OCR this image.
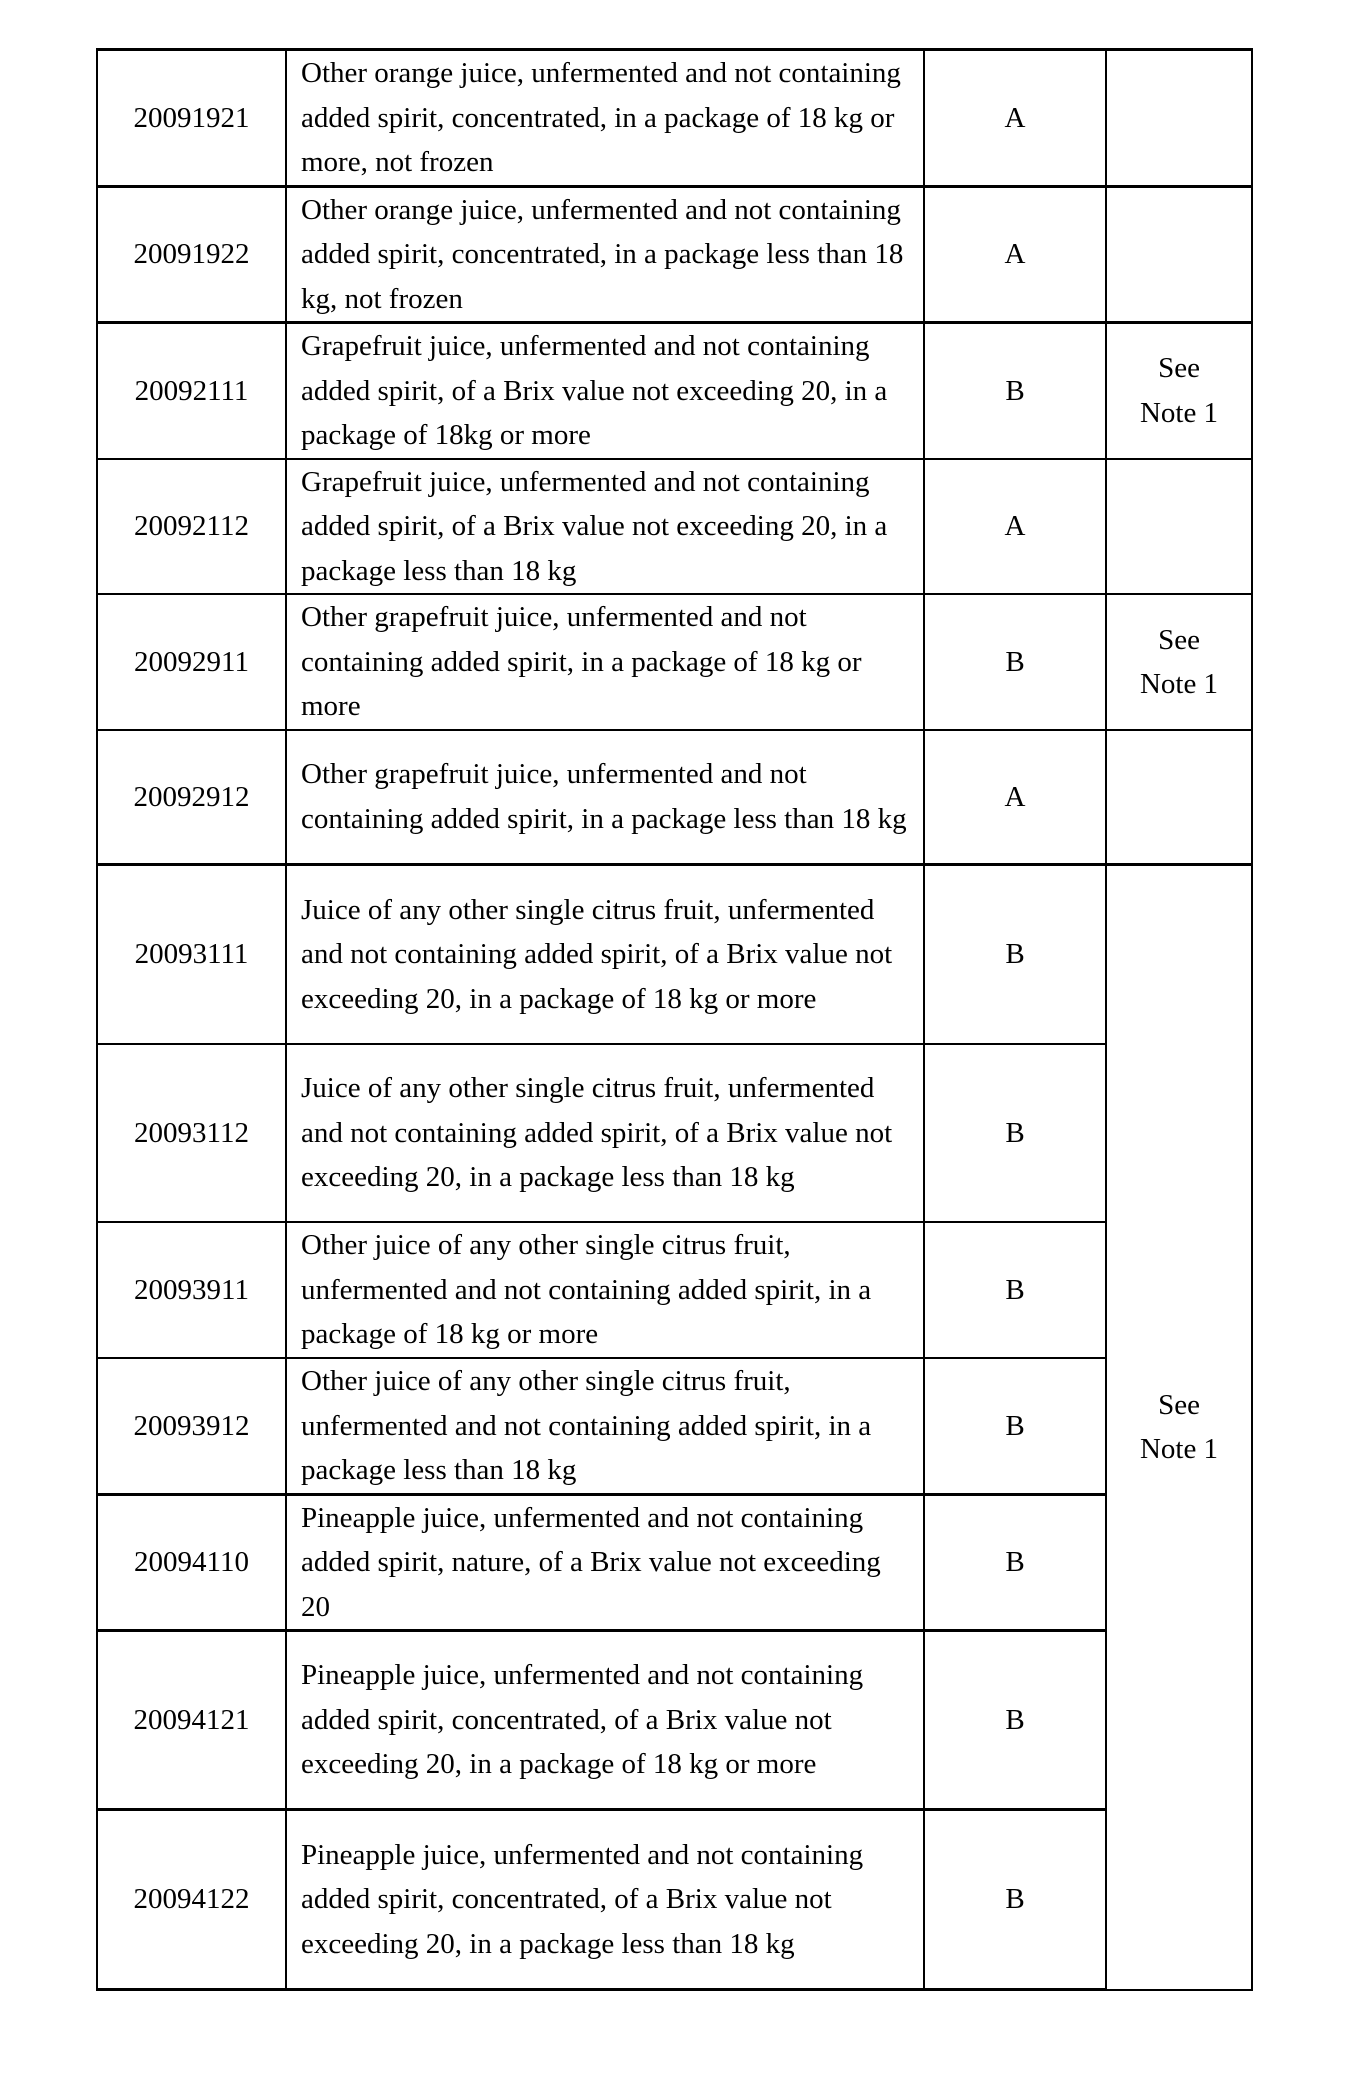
20091921	Other orange juice, unfermented and not containing added spirit, concentrated, in a package of 18 kg or more, not frozen	A	
20091922	Other orange juice, unfermented and not containing added spirit, concentrated, in a package less than 18 kg, not frozen	A	
20092111	Grapefruit juice, unfermented and not containing added spirit, of a Brix value not exceeding 20, in a package of 18kg or more	B	See
Note 1

20092112	Grapefruit juice, unfermented and not containing added spirit, of a Brix value not exceeding 20, in a package less than 18 kg	A	
20092911	Other grapefruit juice, unfermented and not containing added spirit, in a package of 18 kg or more	B	See
Note 1

20092912	Other grapefruit juice, unfermented and not containing added spirit, in a package less than 18 kg	A	
20093111	Juice of any other single citrus fruit, unfermented and not containing added spirit, of a Brix value not exceeding 20, in a package of 18 kg or more	B	See
Note 1

20093112	Juice of any other single citrus fruit, unfermented and not containing added spirit, of a Brix value not exceeding 20, in a package less than 18 kg	B	
20093911	Other juice of any other single citrus fruit, unfermented and not containing added spirit, in a package of 18 kg or more	B	
20093912	Other juice of any other single citrus fruit, unfermented and not containing added spirit, in a package less than 18 kg	B	
20094110	Pineapple juice, unfermented and not containing added spirit, nature, of a Brix value not exceeding 20	B	
20094121	Pineapple juice, unfermented and not containing added spirit, concentrated, of a Brix value not exceeding 20, in a package of 18 kg or more	B	
20094122	Pineapple juice, unfermented and not containing added spirit, concentrated, of a Brix value not exceeding 20, in a package less than 18 kg	B	
